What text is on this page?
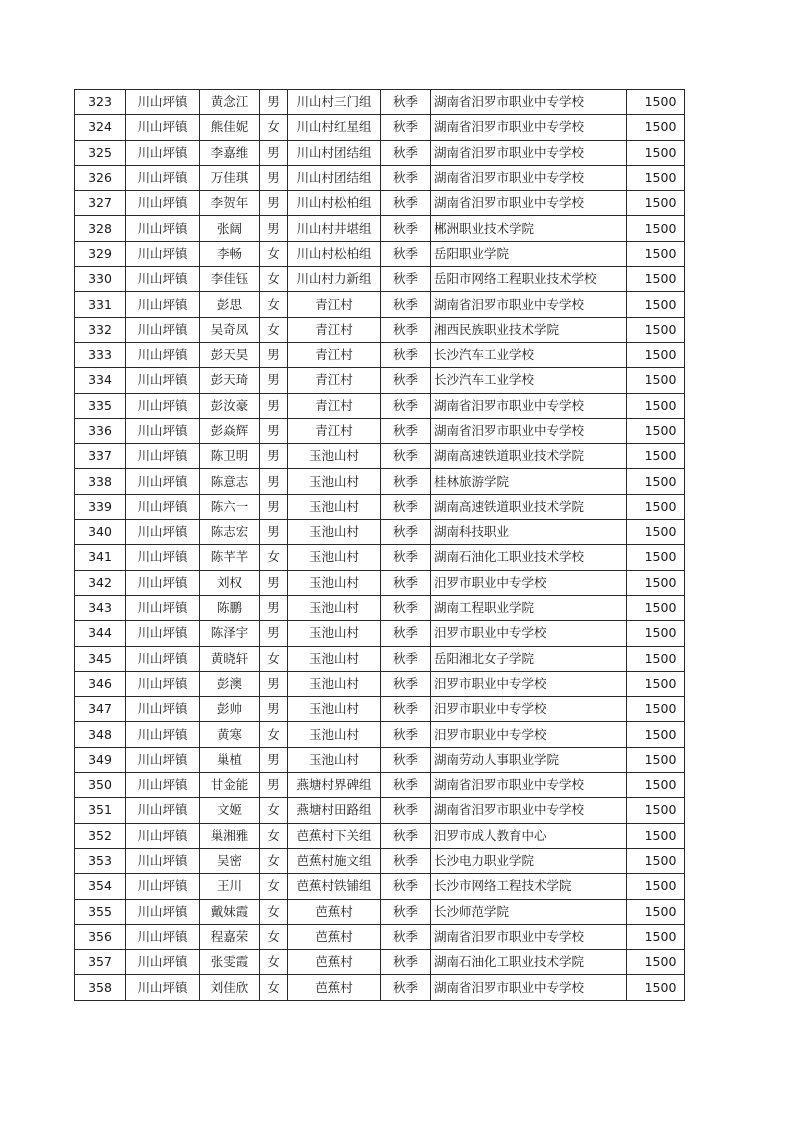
323	川山坪镇	黄念江	男	川山村三门组	秋季	湖南省汨罗市职业中专学校	1500
324	川山坪镇	熊佳妮	女	川山村红星组	秋季	湖南省汨罗市职业中专学校	1500
325	川山坪镇	李嘉维	男	川山村团结组	秋季	湖南省汨罗市职业中专学校	1500
326	川山坪镇	万佳琪	男	川山村团结组	秋季	湖南省汨罗市职业中专学校	1500
327	川山坪镇	李贺年	男	川山村松柏组	秋季	湖南省汨罗市职业中专学校	1500
328	川山坪镇	张阔	男	川山村井堪组	秋季	郴洲职业技术学院	1500
329	川山坪镇	李畅	女	川山村松柏组	秋季	岳阳职业学院	1500
330	川山坪镇	李佳钰	女	川山村力新组	秋季	岳阳市网络工程职业技术学校	1500
331	川山坪镇	彭思	女	青江村	秋季	湖南省汨罗市职业中专学校	1500
332	川山坪镇	吴奇凤	女	青江村	秋季	湘西民族职业技术学院	1500
333	川山坪镇	彭天昊	男	青江村	秋季	长沙汽车工业学校	1500
334	川山坪镇	彭天琦	男	青江村	秋季	长沙汽车工业学校	1500
335	川山坪镇	彭汝豪	男	青江村	秋季	湖南省汨罗市职业中专学校	1500
336	川山坪镇	彭焱辉	男	青江村	秋季	湖南省汨罗市职业中专学校	1500
337	川山坪镇	陈卫明	男	玉池山村	秋季	湖南高速铁道职业技术学院	1500
338	川山坪镇	陈意志	男	玉池山村	秋季	桂林旅游学院	1500
339	川山坪镇	陈六一	男	玉池山村	秋季	湖南高速铁道职业技术学院	1500
340	川山坪镇	陈志宏	男	玉池山村	秋季	湖南科技职业	1500
341	川山坪镇	陈芊芊	女	玉池山村	秋季	湖南石油化工职业技术学校	1500
342	川山坪镇	刘权	男	玉池山村	秋季	汨罗市职业中专学校	1500
343	川山坪镇	陈鹏	男	玉池山村	秋季	湖南工程职业学院	1500
344	川山坪镇	陈泽宇	男	玉池山村	秋季	汨罗市职业中专学校	1500
345	川山坪镇	黄晓轩	女	玉池山村	秋季	岳阳湘北女子学院	1500
346	川山坪镇	彭澳	男	玉池山村	秋季	汨罗市职业中专学校	1500
347	川山坪镇	彭帅	男	玉池山村	秋季	汨罗市职业中专学校	1500
348	川山坪镇	黄寒	女	玉池山村	秋季	汨罗市职业中专学校	1500
349	川山坪镇	巢植	男	玉池山村	秋季	湖南劳动人事职业学院	1500
350	川山坪镇	甘金能	男	燕塘村界碑组	秋季	湖南省汨罗市职业中专学校	1500
351	川山坪镇	文姬	女	燕塘村田路组	秋季	湖南省汨罗市职业中专学校	1500
352	川山坪镇	巢湘雅	女	芭蕉村下关组	秋季	汨罗市成人教育中心	1500
353	川山坪镇	吴密	女	芭蕉村施文组	秋季	长沙电力职业学院	1500
354	川山坪镇	王川	女	芭蕉村铁铺组	秋季	长沙市网络工程技术学院	1500
355	川山坪镇	戴妹霞	女	芭蕉村	秋季	长沙师范学院	1500
356	川山坪镇	程嘉荣	女	芭蕉村	秋季	湖南省汨罗市职业中专学校	1500
357	川山坪镇	张雯霞	女	芭蕉村	秋季	湖南石油化工职业技术学院	1500
358	川山坪镇	刘佳欣	女	芭蕉村	秋季	湖南省汨罗市职业中专学校	1500
